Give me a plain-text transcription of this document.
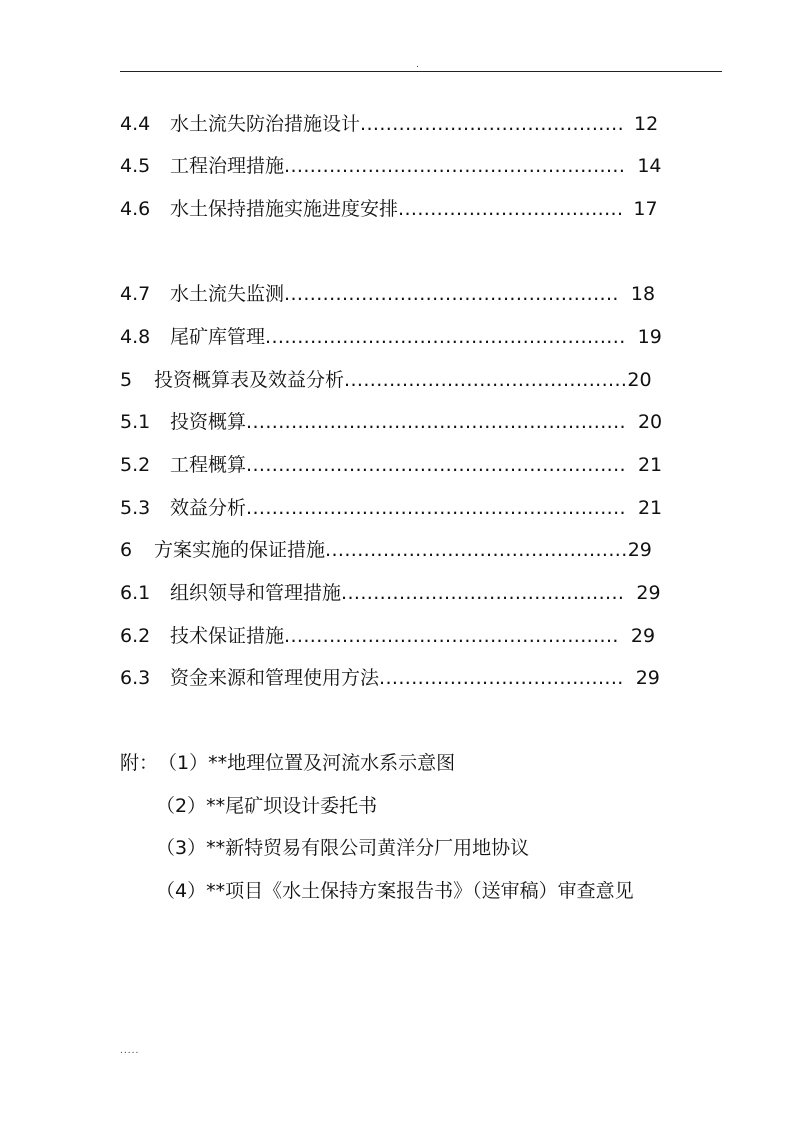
.
4.4 水土流失防治措施设计......................................... 12
4.5 工程治理措施..................................................... 14
4.6 水土保持措施实施进度安排................................... 17
4.7 水土流失监测.................................................... 18
4.8 尾矿库管理........................................................ 19
5 投资概算表及效益分析............................................20
5.1 投资概算........................................................... 20
5.2 工程概算........................................................... 21
5.3 效益分析........................................................... 21
6 方案实施的保证措施...............................................29
6.1 组织领导和管理措施............................................ 29
6.2 技术保证措施.................................................... 29
6.3 资金来源和管理使用方法...................................... 29
附：（1）**地理位置及河流水系示意图
（2）**尾矿坝设计委托书
（3）**新特贸易有限公司黄洋分厂用地协议
（4）**项目《水土保持方案报告书》（送审稿）审查意见
.....
